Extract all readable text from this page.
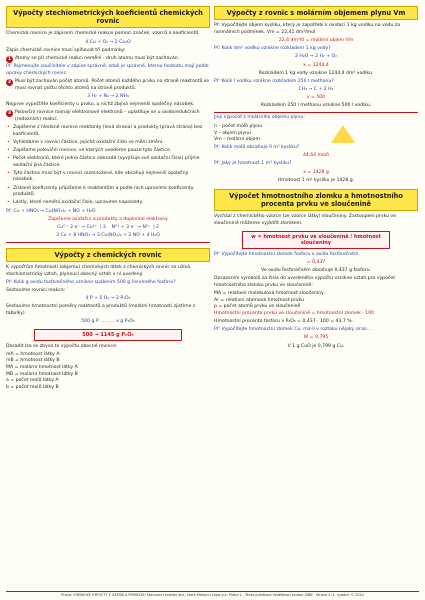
Výpočty stechiometrických koeficientů chemických rovnic
Chemická rovnice je zápisem chemické reakce pomocí značek, vzorců a koeficientů.
4 Cu + O₂ → 2 Cu₂O
Zápis chemické rovnice musí splňovat tři podmínky:
1 Atomy se při chemické reakci nemění - druh atomu musí být zachován.
Př: Pojmenujte součinitele v zápise správně, zdali je správné, kterou hodnotu mají podle úpravy chemických rovnic.
2 Musí být zachován počet atomů. Počet atomů každého prvku na straně reaktantů se musí rovnat počtu těchto atomů na straně produktů.
3 H₂ + N₂ → 2 NH₃
Nejprve vypočtěte koeficienty u prvku, u nichž zbývá nejmenší společný násobek.
3 Poloviční rovnice rovnají elektronové elektronů – uplatňuje se u oxidoredukčních (redoxních) reakcí.
• Zapíšeme z hledané rovnice reaktanty (levá strana) a produkty (pravá strana) bez koeficientů.
• Vyhledáme v rovnici částice, jejichž oxidační číslo se mění změní.
• Zapíšeme poloviční rovnice, ve kterých uvedeme pouze tyto částice.
• Počet elektronů, které jedna částice odevzdá (vyvýšuje své oxidační číslo) přijme oxidační jiná částice.
• Tyto částice musí být v rovnici rozmnožené, kde obsahují nejmenší společný násobek.
• Získané koeficienty připíšeme k reaktantům a podle nich upravíme koeficienty produktů.
• Lastly, které nemění oxidační číslo, upravíme naposledy.
Př: Cu + HNO₃ → Cu(NO₃)₂ + NO + H₂O
Zapíšeme oxidační a produkty a doplníme elektrony
Cu⁰ – 2 e⁻ → Cu²⁺  |·3    N⁵⁺ + 3 e⁻ → N²⁺  |·2
3 Cu + 8 HNO₃ → 3 Cu(NO₃)₂ + 2 NO + 4 H₂O
Výpočty z chemických rovnic
K výpočtům hmotnosti (objemu) chemických látek z chemických rovnic se užívá stechiometrický vztah, plynoucí obecný vztah v ní uvedený.
Př: Kolik g oxidu fosforečného vznikne spálením 500 g červeného fosforu?
Sestavíme rovnici reakce:
4 P + 5 O₂ → 2 P₂O₅
Sestavíme hmotnostní poměry reaktantů a produktů (molární hmotnosti zjistíme z tabulky)
500 g P .......... x g P₂O₅
500 → 1145 g P₂O₅
Dosadit lze se zbývá to výpočtu obecné rovnice:
mA = hmotnost látky A
mB = hmotnost látky B
MA = molární hmotnost látky A
MB = molární hmotnost látky B
a = počet molů látky A
b = počet molů látky B
Výpočty z rovnic s molárním objemem plynu Vm
Př: Vypočítejte objem kyslíku, který je zapotřebí k oxidaci 1 kg vodíku na vodu za normálních podmínek. Vm = 22,41 dm³/mol
22,4 dm³/0 = molární objem Vm
Př: Kolik dm³ vodíku vznikne rozkladem 1 kg vody?
2 H₂O → 2 H₂ + O₂
x = 1244,4
Rozkladem 1 kg vody vznikne 1244,4 dm³ vodíku.
Př: Kolik l vodíku vznikne rozkladem 250 l methanu?
CH₄ → C + 2 H₂
x = 500
Rozkladem 250 l methanu vznikne 500 l vodíku.
Jiný výpočet z molárního objemu plynu:
n – počet molů plynu
V – objem plynu
Vm – molární objem
Př: Kolik molů obsahuje 0 m³ kyslíku?
44,64 molů
Př: Jaký je hmotnost 1 m³ kyslíku?
x = 1428 g
Hmotnost 1 m³ kyslíku je 1428 g.
Výpočet hmotnostního zlomku a hmotnostního procenta prvku ve sloučenině
Vychází z chemického vzorce (ze vzorce látky) sloučeniny. Zastoupení prvku ve sloučenině můžeme vyjádřit zlomkem.
w = hmotnost prvku ve sloučenině / hmotnost sloučeniny
Př: Vypočítejte hmotnostní zlomek fosforu v oxidu fosforečném.
= 0,437
Ve oxidu fosforečném obsahuje 0,437 g fosforu.
Dosazením symbolů za čísla do uvedeného výpočtu vznikne vztah pro výpočet hmotnostního zlomku prvku ve sloučenině:
MA = relativní molekulová hmotnost sloučeniny
Ar = relativní atomová hmotnost prvku
p = počet atomů prvku ve sloučenině
Hmotnostní procento prvku ve sloučenině = hmotnostní zlomek · 100
Hmotnostní procento fosforu v P₂O₅ = 0,437 · 100 = 43,7 %.
Př: Vypočítejte hmotnostní zlomek Cu, má-li v roztoku nějaký síran...
W = 0,795
V 1 g CuO je 0,799 g Cu.
Praha: CHEMICKÉ VÝPOČTY V ZÁPISE A PÍSMEČKU Stanovení kvalitní atd., které Maltyriu Lapis a.s. Praha 2 - Tento publikace Vzdělávací soubor ISBN · Strana 2 (1. vydání) © 2010
